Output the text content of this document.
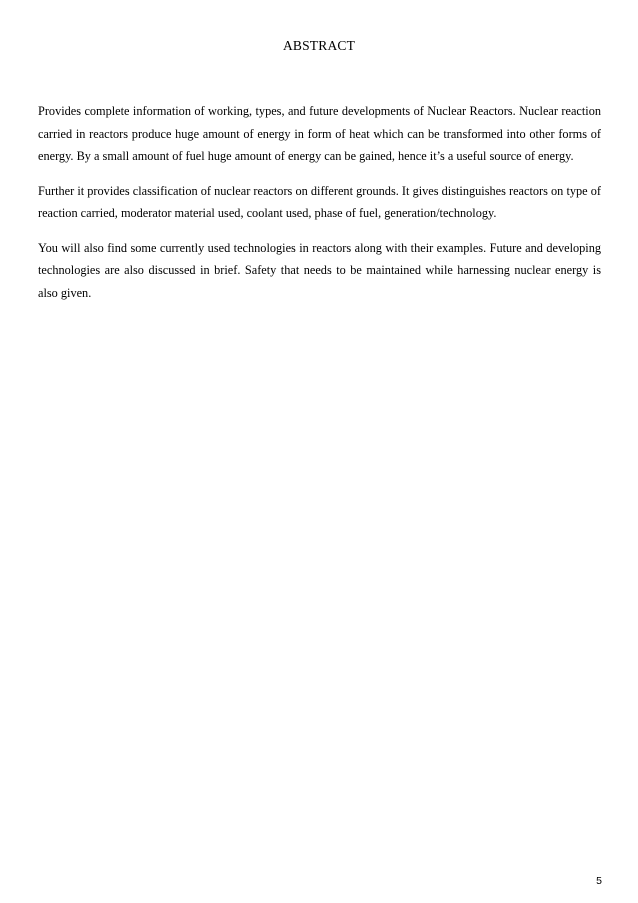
ABSTRACT

Provides complete information of working, types, and future developments of Nuclear Reactors. Nuclear reaction carried in reactors produce huge amount of energy in form of heat which can be transformed into other forms of energy. By a small amount of fuel huge amount of energy can be gained, hence it’s a useful source of energy.

Further it provides classification of nuclear reactors on different grounds. It gives distinguishes reactors on type of reaction carried, moderator material used, coolant used, phase of fuel, generation/technology.

You will also find some currently used technologies in reactors along with their examples. Future and developing technologies are also discussed in brief. Safety that needs to be maintained while harnessing nuclear energy is also given.

5
